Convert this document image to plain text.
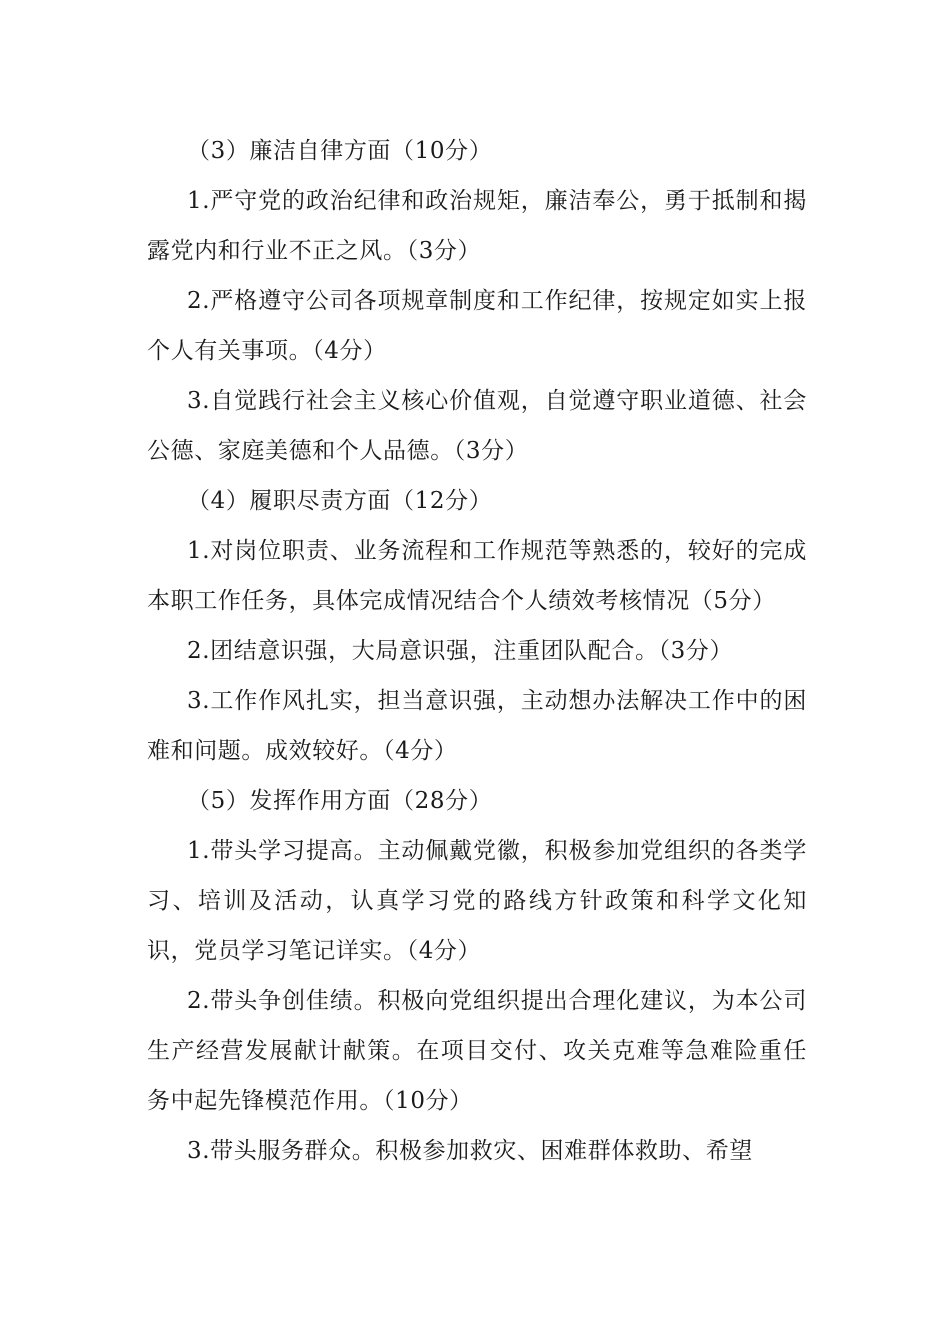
（3）廉洁自律方面（10分）

1.严守党的政治纪律和政治规矩，廉洁奉公，勇于抵制和揭露党内和行业不正之风。（3分）

2.严格遵守公司各项规章制度和工作纪律，按规定如实上报个人有关事项。（4分）

3.自觉践行社会主义核心价值观，自觉遵守职业道德、社会公德、家庭美德和个人品德。（3分）

（4）履职尽责方面（12分）

1.对岗位职责、业务流程和工作规范等熟悉的，较好的完成本职工作任务，具体完成情况结合个人绩效考核情况（5分）

2.团结意识强，大局意识强，注重团队配合。（3分）

3.工作作风扎实，担当意识强，主动想办法解决工作中的困难和问题。成效较好。（4分）

（5）发挥作用方面（28分）

1.带头学习提高。主动佩戴党徽，积极参加党组织的各类学习、培训及活动，认真学习党的路线方针政策和科学文化知识，党员学习笔记详实。（4分）

2.带头争创佳绩。积极向党组织提出合理化建议，为本公司生产经营发展献计献策。在项目交付、攻关克难等急难险重任务中起先锋模范作用。（10分）

3.带头服务群众。积极参加救灾、困难群体救助、希望
